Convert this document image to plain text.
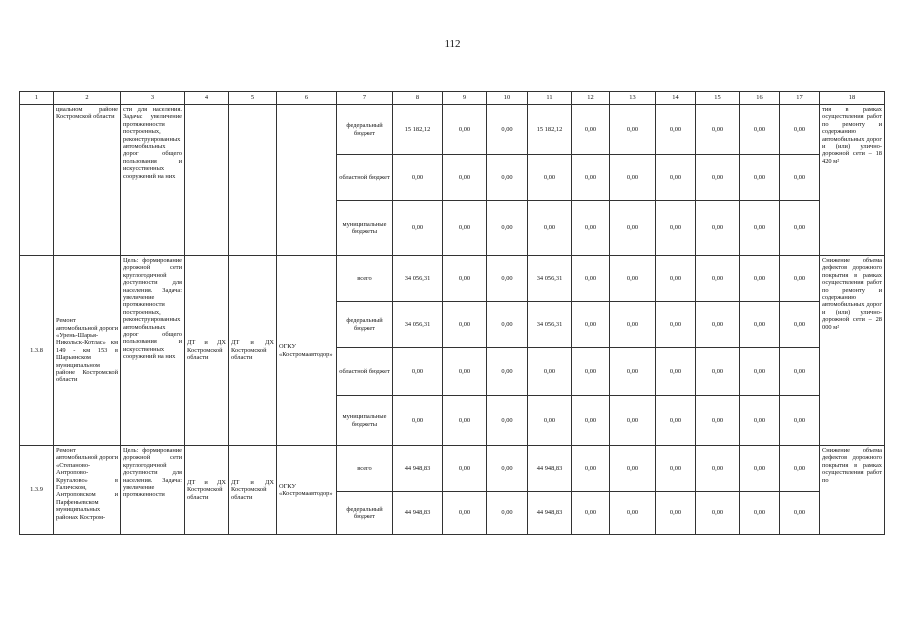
112
1	2	3	4	5	6	7	8	9	10	11	12	13	14	15	16	17	18
	циальном районе Костромской области	сти для населения. Задача: увеличение протяженности построенных, реконструированных автомобильных дорог общего пользования и искусственных сооружений на них				федеральный бюджет	15 182,12	0,00	0,00	15 182,12	0,00	0,00	0,00	0,00	0,00	0,00	тия в рамках осуществления работ по ремонту и содержанию автомобильных дорог и (или) улично-дорожной сети – 18 420 м²
						областной бюджет	0,00	0,00	0,00	0,00	0,00	0,00	0,00	0,00	0,00	0,00	
						муниципальные бюджеты	0,00	0,00	0,00	0,00	0,00	0,00	0,00	0,00	0,00	0,00	
1.3.8	Ремонт автомобильной дороги «Урень-Шарья-Никольск-Котлас» км 149 - км 153 в Шарьинском муниципальном районе Костромской области	Цель: формирование дорожной сети круглогодичной доступности для населения. Задача: увеличение протяженности построенных, реконструированных автомобильных дорог общего пользования и искусственных сооружений на них	ДТ и ДХ Костромской области	ДТ и ДХ Костромской области	ОГКУ «Костромаавтодор»	всего	34 056,31	0,00	0,00	34 056,31	0,00	0,00	0,00	0,00	0,00	0,00	Снижение объема дефектов дорожного покрытия в рамках осуществления работ по ремонту и содержанию автомобильных дорог и (или) улично-дорожной сети – 28 000 м²
						федеральный бюджет	34 056,31	0,00	0,00	34 056,31	0,00	0,00	0,00	0,00	0,00	0,00	
						областной бюджет	0,00	0,00	0,00	0,00	0,00	0,00	0,00	0,00	0,00	0,00	
						муниципальные бюджеты	0,00	0,00	0,00	0,00	0,00	0,00	0,00	0,00	0,00	0,00	
1.3.9	Ремонт автомобильной дороги «Степаново-Антропово-Кругалово» в Галичском, Антроповском и Парфеньевском муниципальных районах Костром-	Цель: формирование дорожной сети круглогодичной доступности для населения. Задача: увеличение протяженности	ДТ и ДХ Костромской области	ДТ и ДХ Костромской области	ОГКУ «Костромаавтодор»	всего	44 948,83	0,00	0,00	44 948,83	0,00	0,00	0,00	0,00	0,00	0,00	Снижение объема дефектов дорожного покрытия в рамках осуществления работ по
						федеральный бюджет	44 948,83	0,00	0,00	44 948,83	0,00	0,00	0,00	0,00	0,00	0,00	
